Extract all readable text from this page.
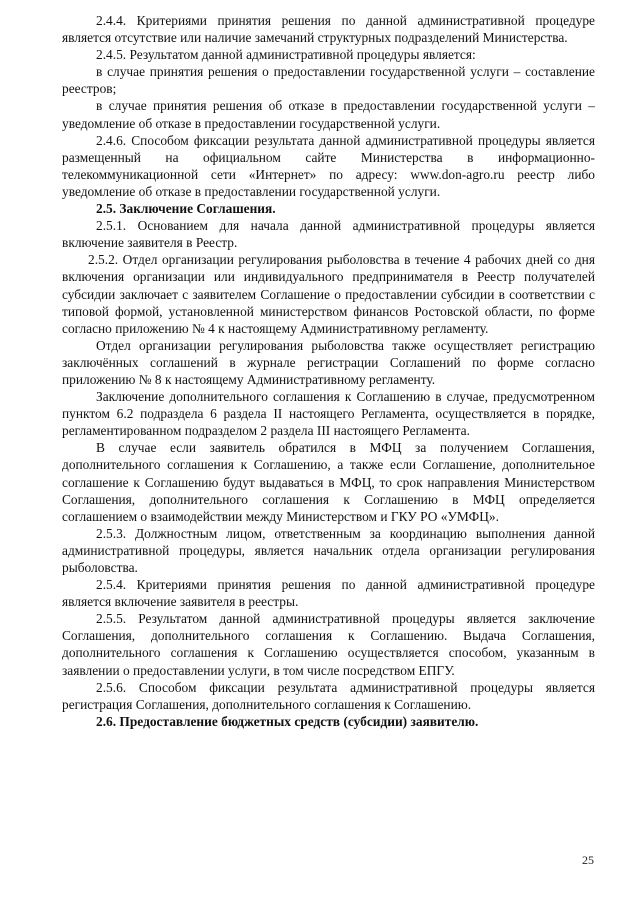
2.4.4. Критериями принятия решения по данной административной процедуре является отсутствие или наличие замечаний структурных подразделений Министерства.

2.4.5. Результатом данной административной процедуры является:

в случае принятия решения о предоставлении государственной услуги – составление реестров;

в случае принятия решения об отказе в предоставлении государственной услуги – уведомление об отказе в предоставлении государственной услуги.

2.4.6. Способом фиксации результата данной административной процедуры является размещенный на официальном сайте Министерства в информационно-телекоммуникационной сети «Интернет» по адресу: www.don-agro.ru реестр либо уведомление об отказе в предоставлении государственной услуги.

2.5. Заключение Соглашения.

2.5.1. Основанием для начала данной административной процедуры является включение заявителя в Реестр.

2.5.2. Отдел организации регулирования рыболовства в течение 4 рабочих дней со дня включения организации или индивидуального предпринимателя в Реестр получателей субсидии заключает с заявителем Соглашение о предоставлении субсидии в соответствии с типовой формой, установленной министерством финансов Ростовской области, по форме согласно приложению № 4 к настоящему Административному регламенту.

Отдел организации регулирования рыболовства также осуществляет регистрацию заключённых соглашений в журнале регистрации Соглашений по форме согласно приложению № 8 к настоящему Административному регламенту.

Заключение дополнительного соглашения к Соглашению в случае, предусмотренном пунктом 6.2 подраздела 6 раздела II настоящего Регламента, осуществляется в порядке, регламентированном подразделом 2 раздела III настоящего Регламента.

В случае если заявитель обратился в МФЦ за получением Соглашения, дополнительного соглашения к Соглашению, а также если Соглашение, дополнительное соглашение к Соглашению будут выдаваться в МФЦ, то срок направления Министерством Соглашения, дополнительного соглашения к Соглашению в МФЦ определяется соглашением о взаимодействии между Министерством и ГКУ РО «УМФЦ».

2.5.3. Должностным лицом, ответственным за координацию выполнения данной административной процедуры, является начальник отдела организации регулирования рыболовства.

2.5.4. Критериями принятия решения по данной административной процедуре является включение заявителя в реестры.

2.5.5. Результатом данной административной процедуры является заключение Соглашения, дополнительного соглашения к Соглашению. Выдача Соглашения, дополнительного соглашения к Соглашению осуществляется способом, указанным в заявлении о предоставлении услуги, в том числе посредством ЕПГУ.

2.5.6. Способом фиксации результата административной процедуры является регистрация Соглашения, дополнительного соглашения к Соглашению.

2.6. Предоставление бюджетных средств (субсидии) заявителю.
25
